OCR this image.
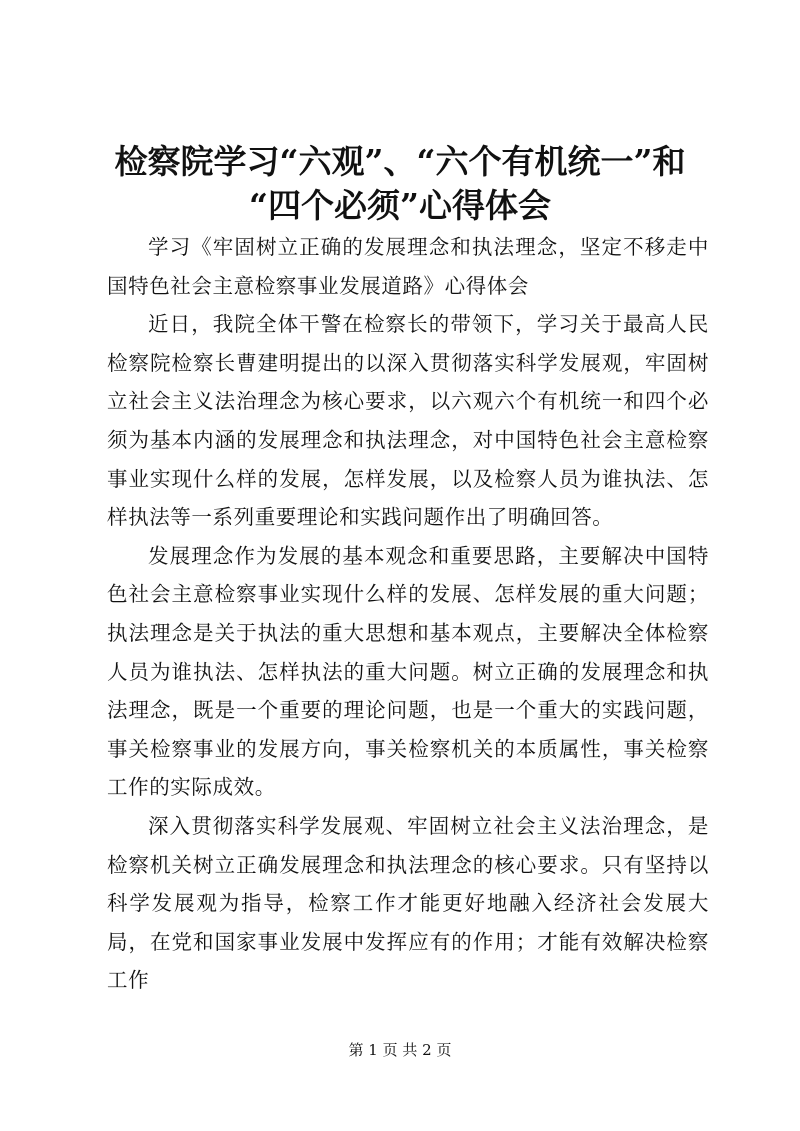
检察院学习“六观”、“六个有机统一”和
“四个必须”心得体会

学习《牢固树立正确的发展理念和执法理念，坚定不移走中国特色社会主意检察事业发展道路》心得体会

近日，我院全体干警在检察长的带领下，学习关于最高人民检察院检察长曹建明提出的以深入贯彻落实科学发展观，牢固树立社会主义法治理念为核心要求，以六观六个有机统一和四个必须为基本内涵的发展理念和执法理念，对中国特色社会主意检察事业实现什么样的发展，怎样发展，以及检察人员为谁执法、怎样执法等一系列重要理论和实践问题作出了明确回答。

发展理念作为发展的基本观念和重要思路，主要解决中国特色社会主意检察事业实现什么样的发展、怎样发展的重大问题；执法理念是关于执法的重大思想和基本观点，主要解决全体检察人员为谁执法、怎样执法的重大问题。树立正确的发展理念和执法理念，既是一个重要的理论问题，也是一个重大的实践问题，事关检察事业的发展方向，事关检察机关的本质属性，事关检察工作的实际成效。

深入贯彻落实科学发展观、牢固树立社会主义法治理念，是检察机关树立正确发展理念和执法理念的核心要求。只有坚持以科学发展观为指导，检察工作才能更好地融入经济社会发展大局，在党和国家事业发展中发挥应有的作用；才能有效解决检察工作

第 1 页 共 2 页
